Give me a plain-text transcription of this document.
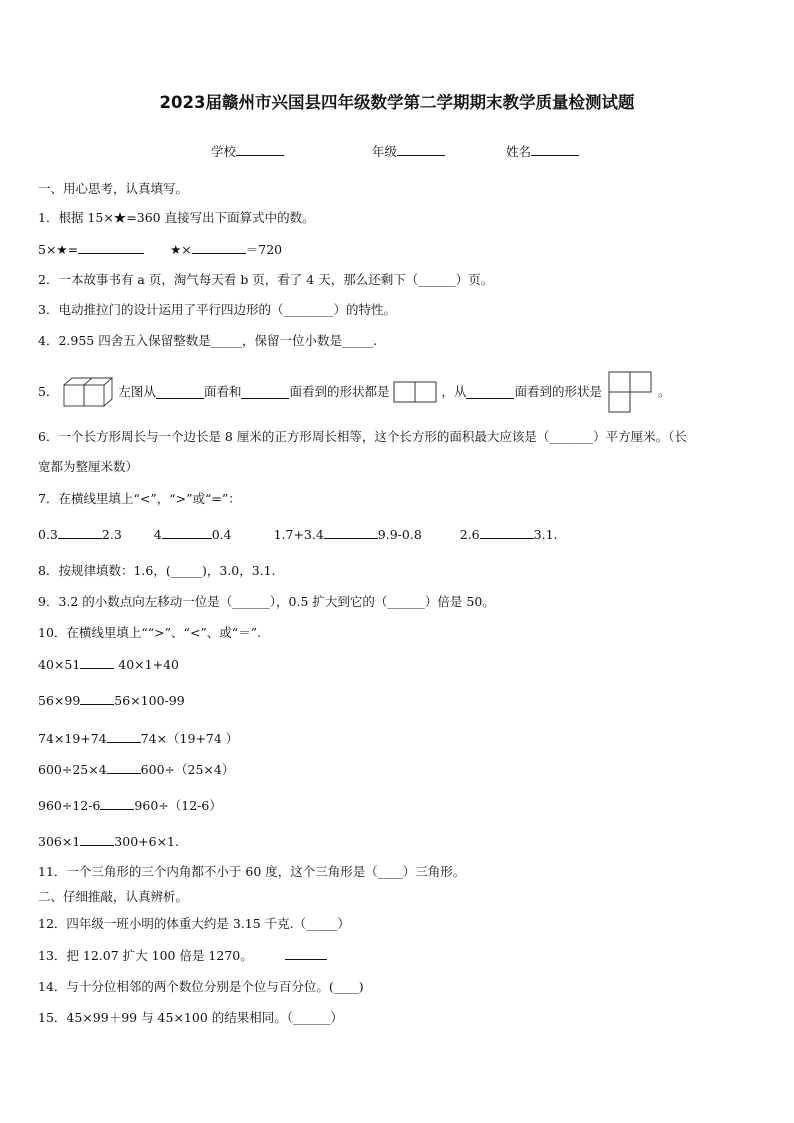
2023届赣州市兴国县四年级数学第二学期期末教学质量检测试题
学校	年级	姓名
一、用心思考，认真填写。
1．根据 15×★=360 直接写出下面算式中的数。
5×★=	★×	＝720
2．一本故事书有 a 页，淘气每天看 b 页，看了 4 天，那么还剩下（______）页。
3．电动推拉门的设计运用了平行四边形的（________）的特性。
4．2.955 四舍五入保留整数是_____，保留一位小数是_____.
5．	左图从	面看和	面看到的形状都是	，从	面看到的形状是	。
6．一个长方形周长与一个边长是 8 厘米的正方形周长相等，这个长方形的面积最大应该是（_______）平方厘米。（长
宽都为整厘米数）
7．在横线里填上“<”，“>”或“=”：
0.3	2.3	4	0.4	1.7+3.4	9.9-0.8	2.6	3.1.
8．按规律填数：1.6，(_____)，3.0，3.1.
9．3.2 的小数点向左移动一位是（______），0.5 扩大到它的（______）倍是 50。
10．在横线里填上““>”、“<”、或“＝”.
40×51	40×1+40
56×99	56×100-99
74×19+74	74×（19+74 ）
600÷25×4	600÷（25×4）
960÷12-6	960÷（12-6）
306×1	300+6×1.
11．一个三角形的三个内角都不小于 60 度，这个三角形是（____）三角形。
二、仔细推敲，认真辨析。
12．四年级一班小明的体重大约是 3.15 千克.（_____）
13．把 12.07 扩大 100 倍是 1270。
14．与十分位相邻的两个数位分别是个位与百分位。(____)
15．45×99＋99 与 45×100 的结果相同。（______）
